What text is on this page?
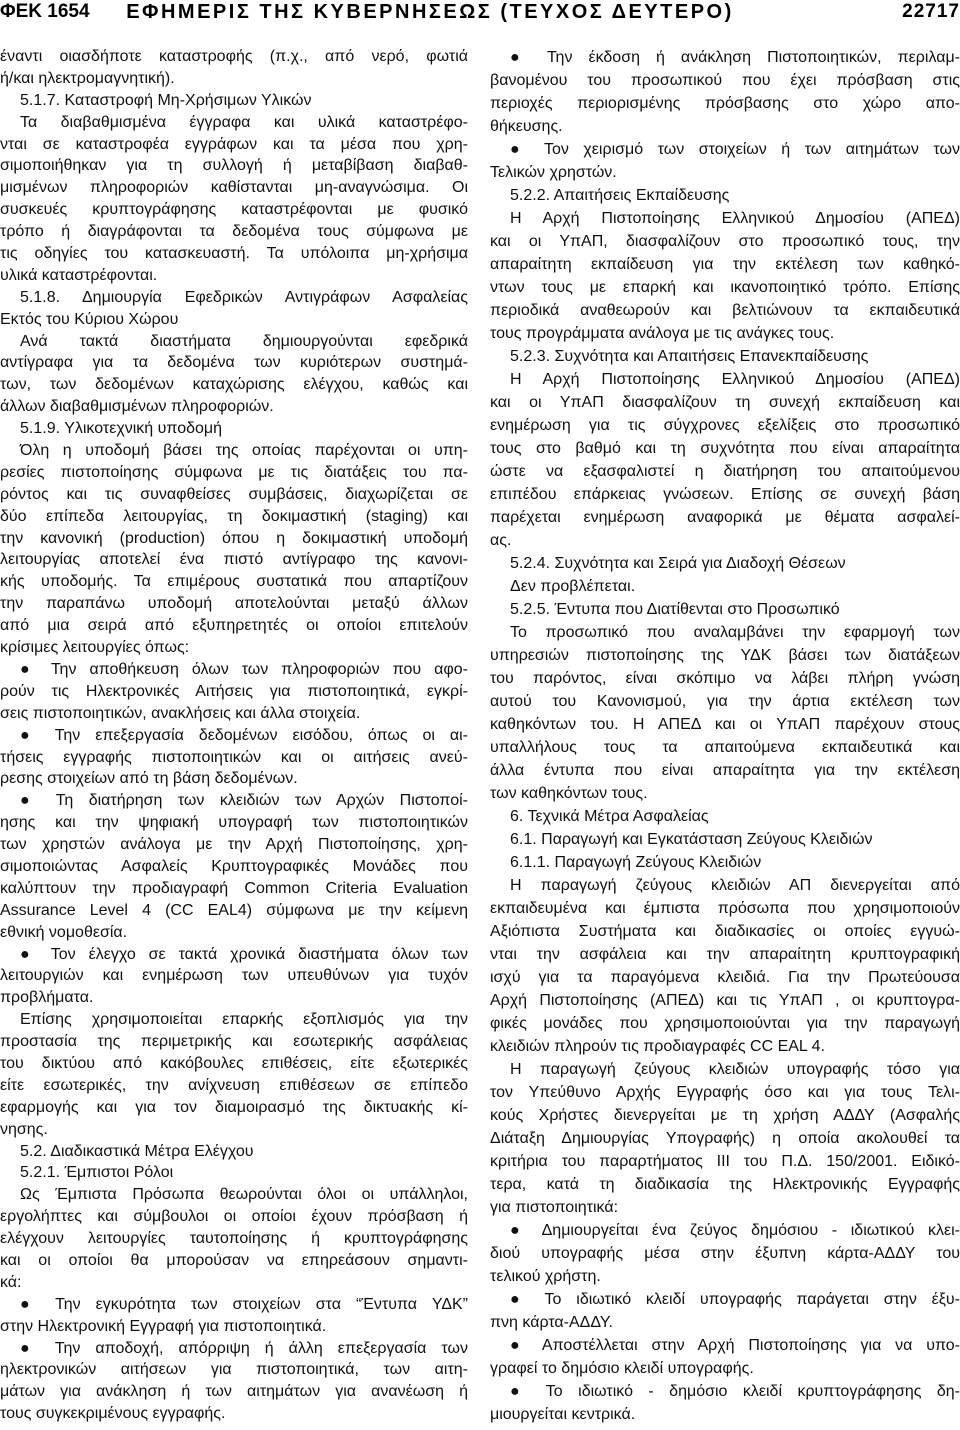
ΦΕΚ 1654	ΕΦΗΜΕΡΙΣ ΤΗΣ ΚΥΒΕΡΝΗΣΕΩΣ (ΤΕΥΧΟΣ ΔΕΥΤΕΡΟ)	22717
έναντι οιασδήποτε καταστροφής (π.χ., από νερό, φωτιά
ή/και ηλεκτρομαγνητική).
5.1.7. Καταστροφή Μη-Χρήσιμων Υλικών
Τα διαβαθμισμένα έγγραφα και υλικά καταστρέφο-
νται σε καταστροφέα εγγράφων και τα μέσα που χρη-
σιμοποιήθηκαν για τη συλλογή ή μεταβίβαση διαβαθ-
μισμένων πληροφοριών καθίστανται μη-αναγνώσιμα. Οι
συσκευές κρυπτογράφησης καταστρέφονται με φυσικό
τρόπο ή διαγράφονται τα δεδομένα τους σύμφωνα με
τις οδηγίες του κατασκευαστή. Τα υπόλοιπα μη-χρήσιμα
υλικά καταστρέφονται.
5.1.8. Δημιουργία Εφεδρικών Αντιγράφων Ασφαλείας
Εκτός του Κύριου Χώρου
Ανά τακτά διαστήματα δημιουργούνται εφεδρικά
αντίγραφα για τα δεδομένα των κυριότερων συστημά-
των, των δεδομένων καταχώρισης ελέγχου, καθώς και
άλλων διαβαθμισμένων πληροφοριών.
5.1.9. Υλικοτεχνική υποδομή
Όλη η υποδομή βάσει της οποίας παρέχονται οι υπη-
ρεσίες πιστοποίησης σύμφωνα με τις διατάξεις του πα-
ρόντος και τις συναφθείσες συμβάσεις, διαχωρίζεται σε
δύο επίπεδα λειτουργίας, τη δοκιμαστική (staging) και
την κανονική (production) όπου η δοκιμαστική υποδομή
λειτουργίας αποτελεί ένα πιστό αντίγραφο της κανονι-
κής υποδομής. Τα επιμέρους συστατικά που απαρτίζουν
την παραπάνω υποδομή αποτελούνται μεταξύ άλλων
από μια σειρά από εξυπηρετητές οι οποίοι επιτελούν
κρίσιμες λειτουργίες όπως:
● Την αποθήκευση όλων των πληροφοριών που αφο-
ρούν τις Ηλεκτρονικές Αιτήσεις για πιστοποιητικά, εγκρί-
σεις πιστοποιητικών, ανακλήσεις και άλλα στοιχεία.
● Την επεξεργασία δεδομένων εισόδου, όπως οι αι-
τήσεις εγγραφής πιστοποιητικών και οι αιτήσεις ανεύ-
ρεσης στοιχείων από τη βάση δεδομένων.
● Τη διατήρηση των κλειδιών των Αρχών Πιστοποί-
ησης και την ψηφιακή υπογραφή των πιστοποιητικών
των χρηστών ανάλογα με την Αρχή Πιστοποίησης, χρη-
σιμοποιώντας Ασφαλείς Κρυπτογραφικές Μονάδες που
καλύπτουν την προδιαγραφή Common Criteria Evaluation
Assurance Level 4 (CC EAL4) σύμφωνα με την κείμενη
εθνική νομοθεσία.
● Τον έλεγχο σε τακτά χρονικά διαστήματα όλων των
λειτουργιών και ενημέρωση των υπευθύνων για τυχόν
προβλήματα.
Επίσης χρησιμοποιείται επαρκής εξοπλισμός για την
προστασία της περιμετρικής και εσωτερικής ασφάλειας
του δικτύου από κακόβουλες επιθέσεις, είτε εξωτερικές
είτε εσωτερικές, την ανίχνευση επιθέσεων σε επίπεδο
εφαρμογής και για τον διαμοιρασμό της δικτυακής κί-
νησης.
5.2. Διαδικαστικά Μέτρα Ελέγχου
5.2.1. Έμπιστοι Ρόλοι
Ως Έμπιστα Πρόσωπα θεωρούνται όλοι οι υπάλληλοι,
εργολήπτες και σύμβουλοι οι οποίοι έχουν πρόσβαση ή
ελέγχουν λειτουργίες ταυτοποίησης ή κρυπτογράφησης
και οι οποίοι θα μπορούσαν να επηρεάσουν σημαντι-
κά:
● Την εγκυρότητα των στοιχείων στα “Έντυπα ΥΔΚ”
στην Ηλεκτρονική Εγγραφή για πιστοποιητικά.
● Την αποδοχή, απόρριψη ή άλλη επεξεργασία των
ηλεκτρονικών αιτήσεων για πιστοποιητικά, των αιτη-
μάτων για ανάκληση ή των αιτημάτων για ανανέωση ή
τους συγκεκριμένους εγγραφής.
● Την έκδοση ή ανάκληση Πιστοποιητικών, περιλαμ-
βανομένου του προσωπικού που έχει πρόσβαση στις
περιοχές περιορισμένης πρόσβασης στο χώρο απο-
θήκευσης.
● Τον χειρισμό των στοιχείων ή των αιτημάτων των
Τελικών χρηστών.
5.2.2. Απαιτήσεις Εκπαίδευσης
Η Αρχή Πιστοποίησης Ελληνικού Δημοσίου (ΑΠΕΔ)
και οι ΥπΑΠ, διασφαλίζουν στο προσωπικό τους, την
απαραίτητη εκπαίδευση για την εκτέλεση των καθηκό-
ντων τους με επαρκή και ικανοποιητικό τρόπο. Επίσης
περιοδικά αναθεωρούν και βελτιώνουν τα εκπαιδευτικά
τους προγράμματα ανάλογα με τις ανάγκες τους.
5.2.3. Συχνότητα και Απαιτήσεις Επανεκπαίδευσης
Η Αρχή Πιστοποίησης Ελληνικού Δημοσίου (ΑΠΕΔ)
και οι ΥπΑΠ διασφαλίζουν τη συνεχή εκπαίδευση και
ενημέρωση για τις σύγχρονες εξελίξεις στο προσωπικό
τους στο βαθμό και τη συχνότητα που είναι απαραίτητα
ώστε να εξασφαλιστεί η διατήρηση του απαιτούμενου
επιπέδου επάρκειας γνώσεων. Επίσης σε συνεχή βάση
παρέχεται ενημέρωση αναφορικά με θέματα ασφαλεί-
ας.
5.2.4. Συχνότητα και Σειρά για Διαδοχή Θέσεων
Δεν προβλέπεται.
5.2.5. Έντυπα που Διατίθενται στο Προσωπικό
Το προσωπικό που αναλαμβάνει την εφαρμογή των
υπηρεσιών πιστοποίησης της ΥΔΚ βάσει των διατάξεων
του παρόντος, είναι σκόπιμο να λάβει πλήρη γνώση
αυτού του Κανονισμού, για την άρτια εκτέλεση των
καθηκόντων του. Η ΑΠΕΔ και οι ΥπΑΠ παρέχουν στους
υπαλλήλους τους τα απαιτούμενα εκπαιδευτικά και
άλλα έντυπα που είναι απαραίτητα για την εκτέλεση
των καθηκόντων τους.
6. Τεχνικά Μέτρα Ασφαλείας
6.1. Παραγωγή και Εγκατάσταση Ζεύγους Κλειδιών
6.1.1. Παραγωγή Ζεύγους Κλειδιών
Η παραγωγή ζεύγους κλειδιών ΑΠ διενεργείται από
εκπαιδευμένα και έμπιστα πρόσωπα που χρησιμοποιούν
Αξιόπιστα Συστήματα και διαδικασίες οι οποίες εγγυώ-
νται την ασφάλεια και την απαραίτητη κρυπτογραφική
ισχύ για τα παραγόμενα κλειδιά. Για την Πρωτεύουσα
Αρχή Πιστοποίησης (ΑΠΕΔ) και τις ΥπΑΠ , οι κρυπτογρα-
φικές μονάδες που χρησιμοποιούνται για την παραγωγή
κλειδιών πληρούν τις προδιαγραφές CC EAL 4.
Η παραγωγή ζεύγους κλειδιών υπογραφής τόσο για
τον Υπεύθυνο Αρχής Εγγραφής όσο και για τους Τελι-
κούς Χρήστες διενεργείται με τη χρήση ΑΔΔΥ (Ασφαλής
Διάταξη Δημιουργίας Υπογραφής) η οποία ακολουθεί τα
κριτήρια του παραρτήματος ΙΙΙ του Π.Δ. 150/2001. Ειδικό-
τερα, κατά τη διαδικασία της Ηλεκτρονικής Εγγραφής
για πιστοποιητικά:
● Δημιουργείται ένα ζεύγος δημόσιου - ιδιωτικού κλει-
διού υπογραφής μέσα στην έξυπνη κάρτα-ΑΔΔΥ του
τελικού χρήστη.
● Το ιδιωτικό κλειδί υπογραφής παράγεται στην έξυ-
πνη κάρτα-ΑΔΔΥ.
● Αποστέλλεται στην Αρχή Πιστοποίησης για να υπο-
γραφεί το δημόσιο κλειδί υπογραφής.
● Το ιδιωτικό - δημόσιο κλειδί κρυπτογράφησης δη-
μιουργείται κεντρικά.
